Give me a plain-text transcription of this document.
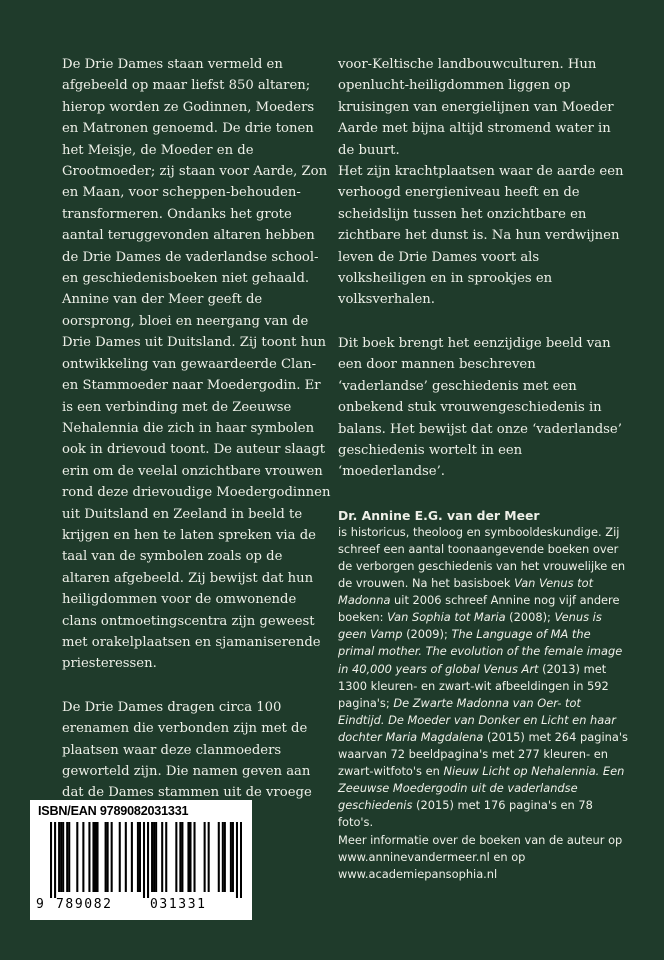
De Drie Dames staan vermeld en afgebeeld op maar liefst 850 altaren; hierop worden ze Godinnen, Moeders en Matronen genoemd. De drie tonen het Meisje, de Moeder en de Grootmoeder; zij staan voor Aarde, Zon en Maan, voor scheppen-behouden-transformeren. Ondanks het grote aantal teruggevonden altaren hebben de Drie Dames de vaderlandse school- en geschiedenisboeken niet gehaald.

Annine van der Meer geeft de oorsprong, bloei en neergang van de Drie Dames uit Duitsland. Zij toont hun ontwikkeling van gewaardeerde Clan- en Stammoeder naar Moedergodin. Er is een verbinding met de Zeeuwse Nehalennia die zich in haar symbolen ook in drievoud toont. De auteur slaagt erin om de veelal onzichtbare vrouwen rond deze drievoudige Moedergodinnen uit Duitsland en Zeeland in beeld te krijgen en hen te laten spreken via de taal van de symbolen zoals op de altaren afgebeeld. Zij bewijst dat hun heiligdommen voor de omwonende clans ontmoetingscentra zijn geweest met orakelplaatsen en sjamaniserende priesteressen.

De Drie Dames dragen circa 100 erenamen die verbonden zijn met de plaatsen waar deze clanmoeders geworteld zijn. Die namen geven aan dat de Dames stammen uit de vroege

voor-Keltische landbouwculturen. Hun openlucht-heiligdommen liggen op kruisingen van energielijnen van Moeder Aarde met bijna altijd stromend water in de buurt.

Het zijn krachtplaatsen waar de aarde een verhoogd energieniveau heeft en de scheidslijn tussen het onzichtbare en zichtbare het dunst is. Na hun verdwijnen leven de Drie Dames voort als volksheiligen en in sprookjes en volksverhalen.

Dit boek brengt het eenzijdige beeld van een door mannen beschreven ‘vaderlandse’ geschiedenis met een onbekend stuk vrouwengeschiedenis in balans. Het bewijst dat onze ‘vaderlandse’ geschiedenis wortelt in een ‘moederlandse’.

Dr. Annine E.G. van der Meer

is historicus, theoloog en symbooldeskundige. Zij schreef een aantal toonaangevende boeken over de verborgen geschiedenis van het vrouwelijke en de vrouwen. Na het basisboek Van Venus tot Madonna uit 2006 schreef Annine nog vijf andere boeken: Van Sophia tot Maria (2008); Venus is geen Vamp (2009); The Language of MA the primal mother. The evolution of the female image in 40,000 years of global Venus Art (2013) met 1300 kleuren- en zwart-wit afbeeldingen in 592 pagina's; De Zwarte Madonna van Oer- tot Eindtijd. De Moeder van Donker en Licht en haar dochter Maria Magdalena (2015) met 264 pagina's waarvan 72 beeldpagina's met 277 kleuren- en zwart-witfoto's en Nieuw Licht op Nehalennia. Een Zeeuwse Moedergodin uit de vaderlandse geschiedenis (2015) met 176 pagina's en 78 foto's.

Meer informatie over de boeken van de auteur op www.anninevandermeer.nl en op www.academiepansophia.nl

ISBN/EAN 9789082031331
9 789082	031331
